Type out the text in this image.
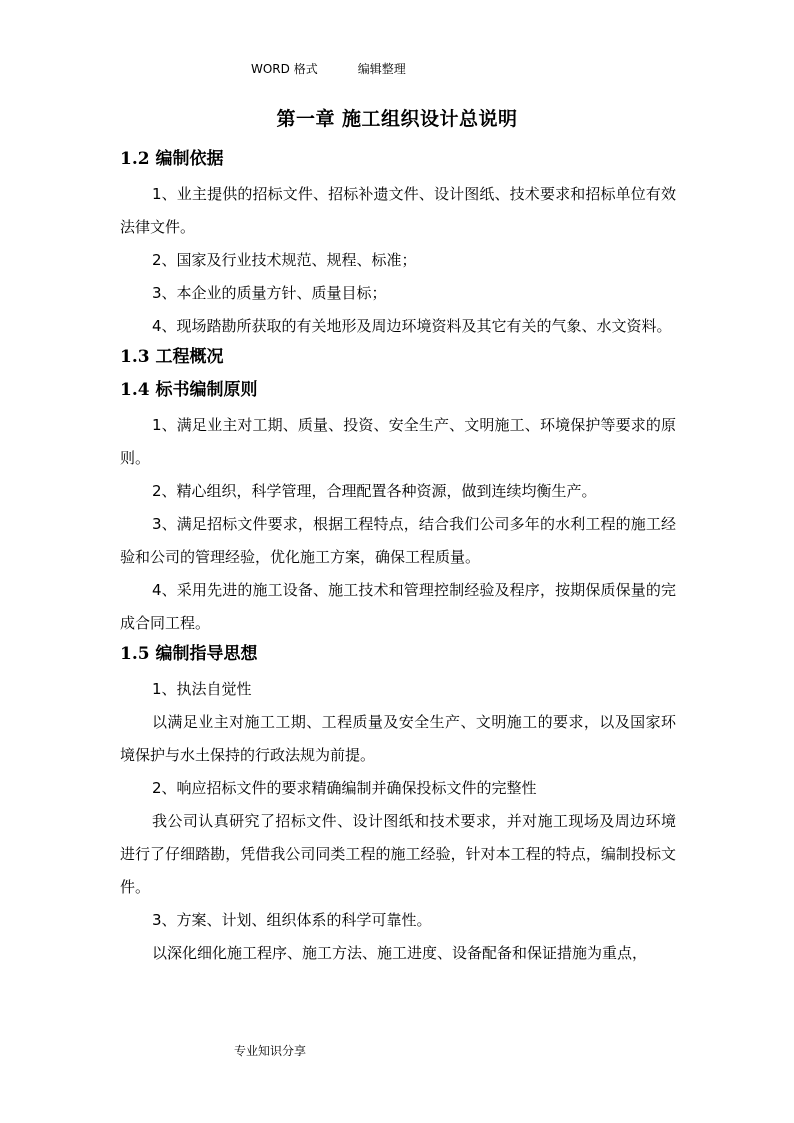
WORD 格式	编辑整理
第一章 施工组织设计总说明
1.2 编制依据
1、业主提供的招标文件、招标补遗文件、设计图纸、技术要求和招标单位有效法律文件。
2、国家及行业技术规范、规程、标准；
3、本企业的质量方针、质量目标；
4、现场踏勘所获取的有关地形及周边环境资料及其它有关的气象、水文资料。
1.3 工程概况
1.4 标书编制原则
1、满足业主对工期、质量、投资、安全生产、文明施工、环境保护等要求的原则。
2、精心组织，科学管理，合理配置各种资源，做到连续均衡生产。
3、满足招标文件要求，根据工程特点，结合我们公司多年的水利工程的施工经验和公司的管理经验，优化施工方案，确保工程质量。
4、采用先进的施工设备、施工技术和管理控制经验及程序，按期保质保量的完成合同工程。
1.5 编制指导思想
1、执法自觉性
以满足业主对施工工期、工程质量及安全生产、文明施工的要求，以及国家环境保护与水土保持的行政法规为前提。
2、响应招标文件的要求精确编制并确保投标文件的完整性
我公司认真研究了招标文件、设计图纸和技术要求，并对施工现场及周边环境进行了仔细踏勘，凭借我公司同类工程的施工经验，针对本工程的特点，编制投标文件。
3、方案、计划、组织体系的科学可靠性。
以深化细化施工程序、施工方法、施工进度、设备配备和保证措施为重点，
专业知识分享
